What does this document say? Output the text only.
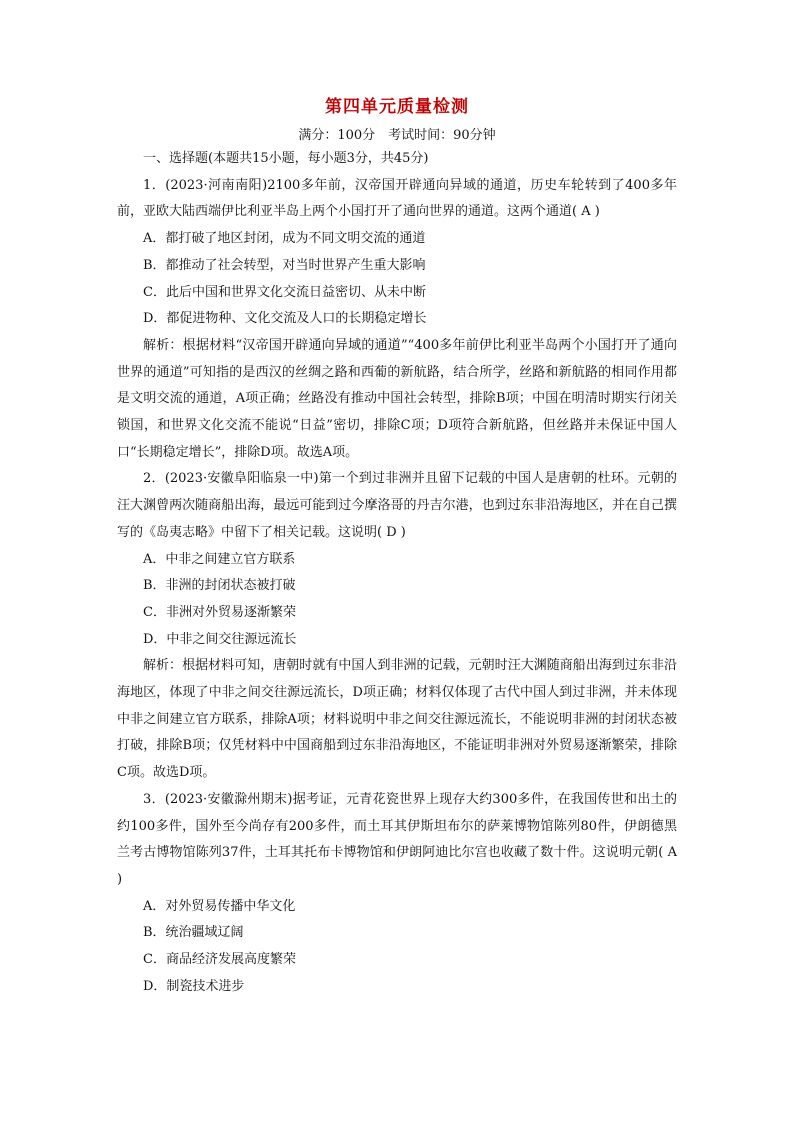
第四单元质量检测

满分：100分　考试时间：90分钟

一、选择题(本题共15小题，每小题3分，共45分)

1．(2023·河南南阳)2100多年前，汉帝国开辟通向异域的通道，历史车轮转到了400多年前，亚欧大陆西端伊比利亚半岛上两个小国打开了通向世界的通道。这两个通道( A )

A．都打破了地区封闭，成为不同文明交流的通道

B．都推动了社会转型，对当时世界产生重大影响

C．此后中国和世界文化交流日益密切、从未中断

D．都促进物种、文化交流及人口的长期稳定增长

解析：根据材料“汉帝国开辟通向异域的通道”“400多年前伊比利亚半岛两个小国打开了通向世界的通道”可知指的是西汉的丝绸之路和西葡的新航路，结合所学，丝路和新航路的相同作用都是文明交流的通道，A项正确；丝路没有推动中国社会转型，排除B项；中国在明清时期实行闭关锁国，和世界文化交流不能说“日益”密切，排除C项；D项符合新航路，但丝路并未保证中国人口“长期稳定增长”，排除D项。故选A项。

2．(2023·安徽阜阳临泉一中)第一个到过非洲并且留下记载的中国人是唐朝的杜环。元朝的汪大渊曾两次随商船出海，最远可能到过今摩洛哥的丹吉尔港，也到过东非沿海地区，并在自己撰写的《岛夷志略》中留下了相关记载。这说明( D )

A．中非之间建立官方联系

B．非洲的封闭状态被打破

C．非洲对外贸易逐渐繁荣

D．中非之间交往源远流长

解析：根据材料可知，唐朝时就有中国人到非洲的记载，元朝时汪大渊随商船出海到过东非沿海地区，体现了中非之间交往源远流长，D项正确；材料仅体现了古代中国人到过非洲，并未体现中非之间建立官方联系，排除A项；材料说明中非之间交往源远流长，不能说明非洲的封闭状态被打破，排除B项；仅凭材料中中国商船到过东非沿海地区，不能证明非洲对外贸易逐渐繁荣，排除C项。故选D项。

3．(2023·安徽滁州期末)据考证，元青花瓷世界上现存大约300多件，在我国传世和出土的约100多件，国外至今尚存有200多件，而土耳其伊斯坦布尔的萨莱博物馆陈列80件，伊朗德黑兰考古博物馆陈列37件，土耳其托布卡博物馆和伊朗阿迪比尔宫也收藏了数十件。这说明元朝( A )

A．对外贸易传播中华文化

B．统治疆域辽阔

C．商品经济发展高度繁荣

D．制瓷技术进步
